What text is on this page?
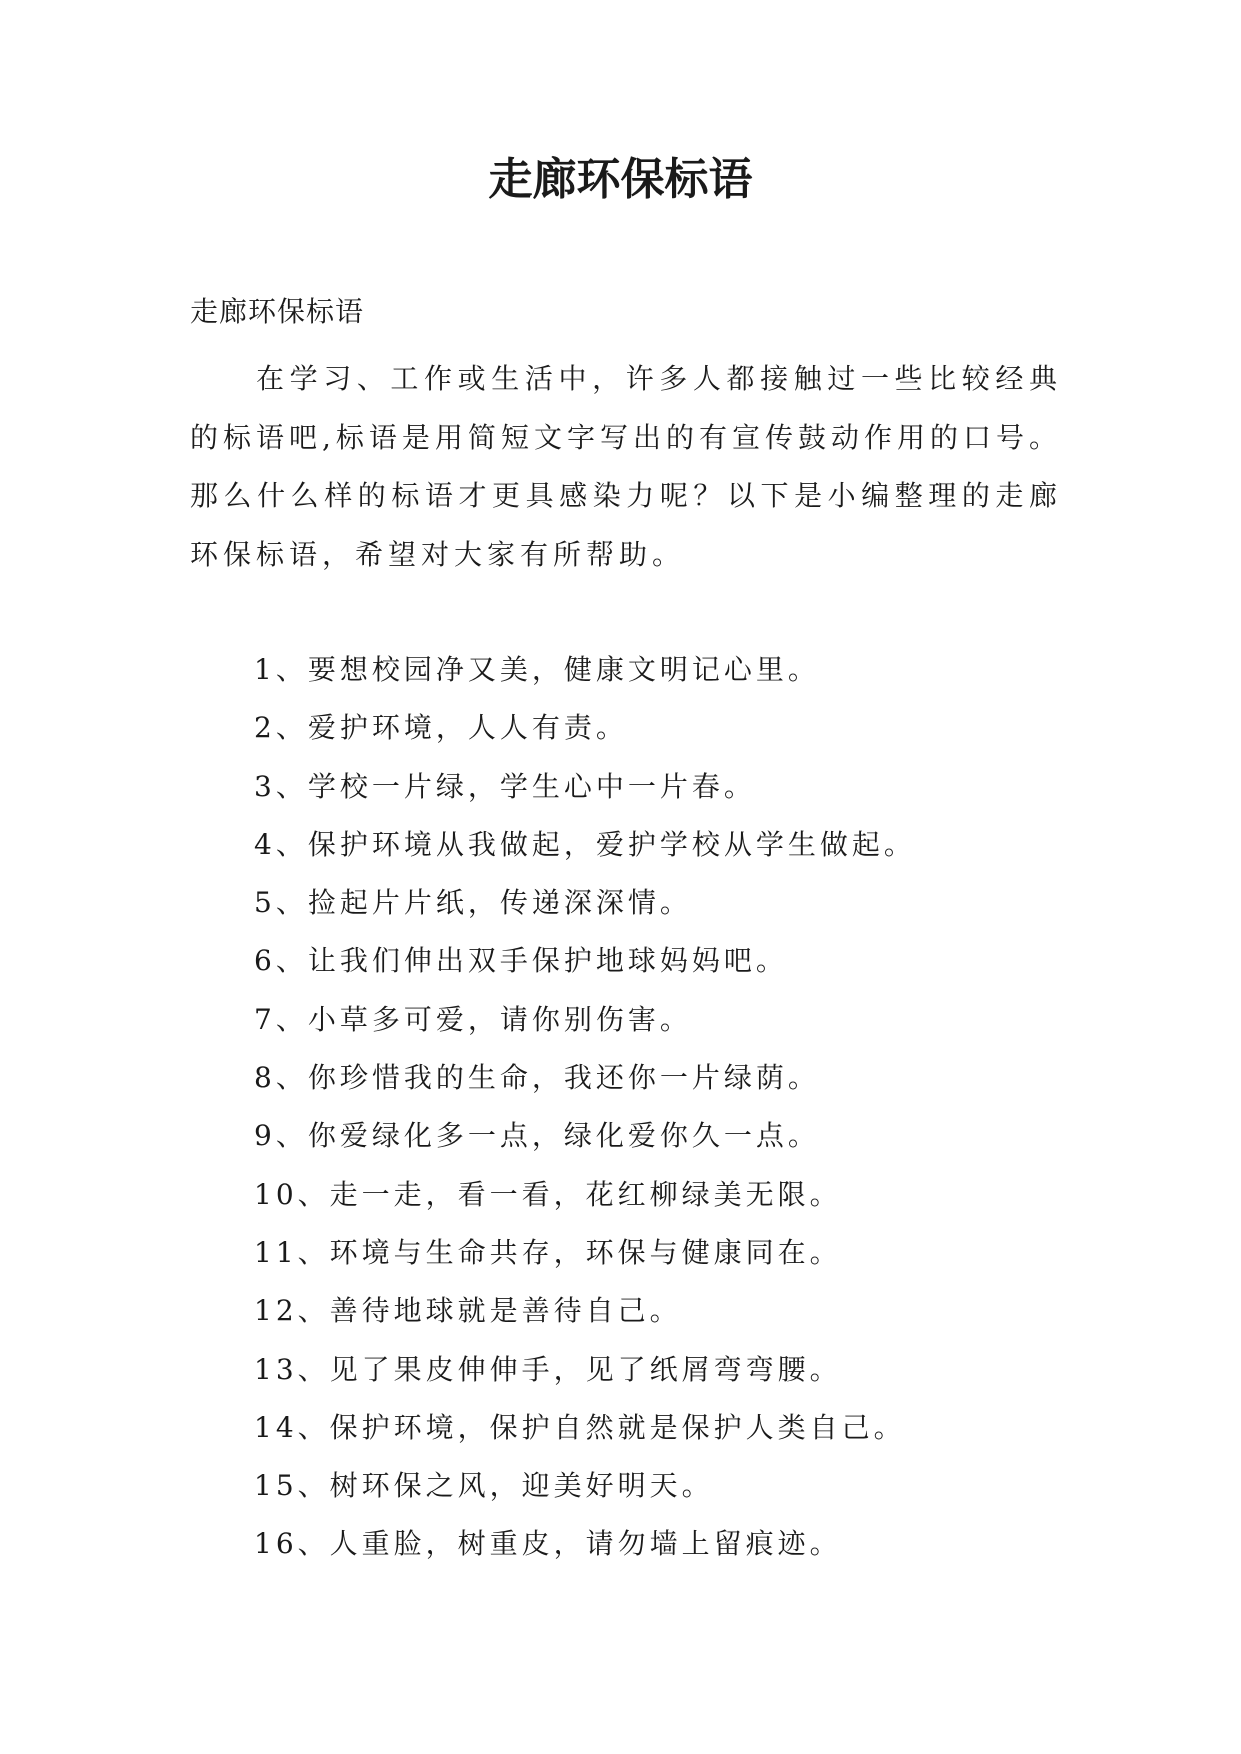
走廊环保标语

走廊环保标语

在学习、工作或生活中，许多人都接触过一些比较经典的标语吧,标语是用简短文字写出的有宣传鼓动作用的口号。那么什么样的标语才更具感染力呢？以下是小编整理的走廊环保标语，希望对大家有所帮助。

1、要想校园净又美，健康文明记心里。
2、爱护环境，人人有责。
3、学校一片绿，学生心中一片春。
4、保护环境从我做起，爱护学校从学生做起。
5、捡起片片纸，传递深深情。
6、让我们伸出双手保护地球妈妈吧。
7、小草多可爱，请你别伤害。
8、你珍惜我的生命，我还你一片绿荫。
9、你爱绿化多一点，绿化爱你久一点。
10、走一走，看一看，花红柳绿美无限。
11、环境与生命共存，环保与健康同在。
12、善待地球就是善待自己。
13、见了果皮伸伸手，见了纸屑弯弯腰。
14、保护环境，保护自然就是保护人类自己。
15、树环保之风，迎美好明天。
16、人重脸，树重皮，请勿墙上留痕迹。
